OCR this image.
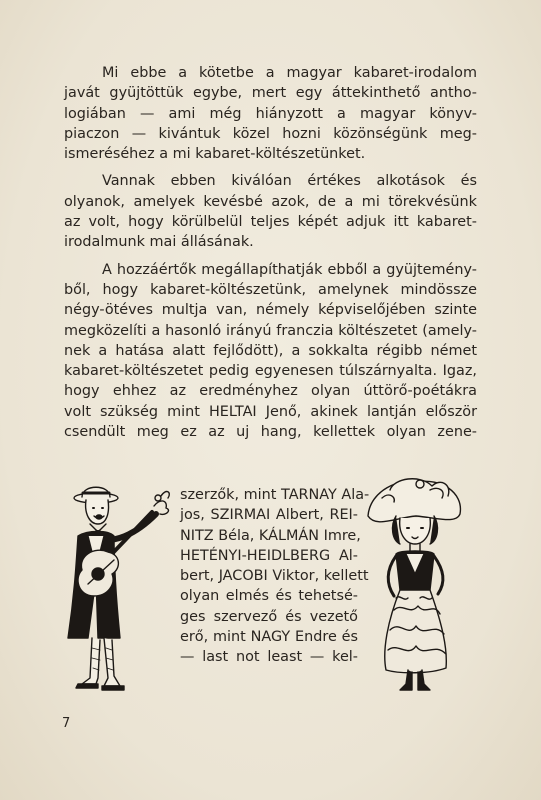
Mi ebbe a kötetbe a magyar kabaret-irodalom
javát gyüjtöttük egybe, mert egy áttekinthető antho-
logiában — ami még hiányzott a magyar könyv-
piaczon — kivántuk közel hozni közönségünk meg-
ismeréséhez a mi kabaret-költészetünket.
Vannak ebben kiválóan értékes alkotások és
olyanok, amelyek kevésbé azok, de a mi törekvésünk
az volt, hogy körülbelül teljes képét adjuk itt kabaret-
irodalmunk mai állásának.
A hozzáértők megállapíthatják ebből a gyüjtemény-
ből, hogy kabaret-költészetünk, amelynek mindössze
négy-ötéves multja van, némely képviselőjében szinte
megközelíti a hasonló irányú franczia költészetet (amely-
nek a hatása alatt fejlődött), a sokkalta régibb német
kabaret-költészetet pedig egyenesen túlszárnyalta. Igaz,
hogy ehhez az eredményhez olyan úttörő-poétákra
volt szükség mint HELTAI Jenő, akinek lantján először
csendült meg ez az uj hang, kellettek olyan zene-
szerzők, mint TARNAY Ala-
jos, SZIRMAI Albert, REI-
NITZ Béla, KÁLMÁN Imre,
HETÉNYI-HEIDLBERG Al-
bert, JACOBI Viktor, kellett
olyan elmés és tehetsé-
ges szervező és vezető
erő, mint NAGY Endre és
— last not least — kel-
7
